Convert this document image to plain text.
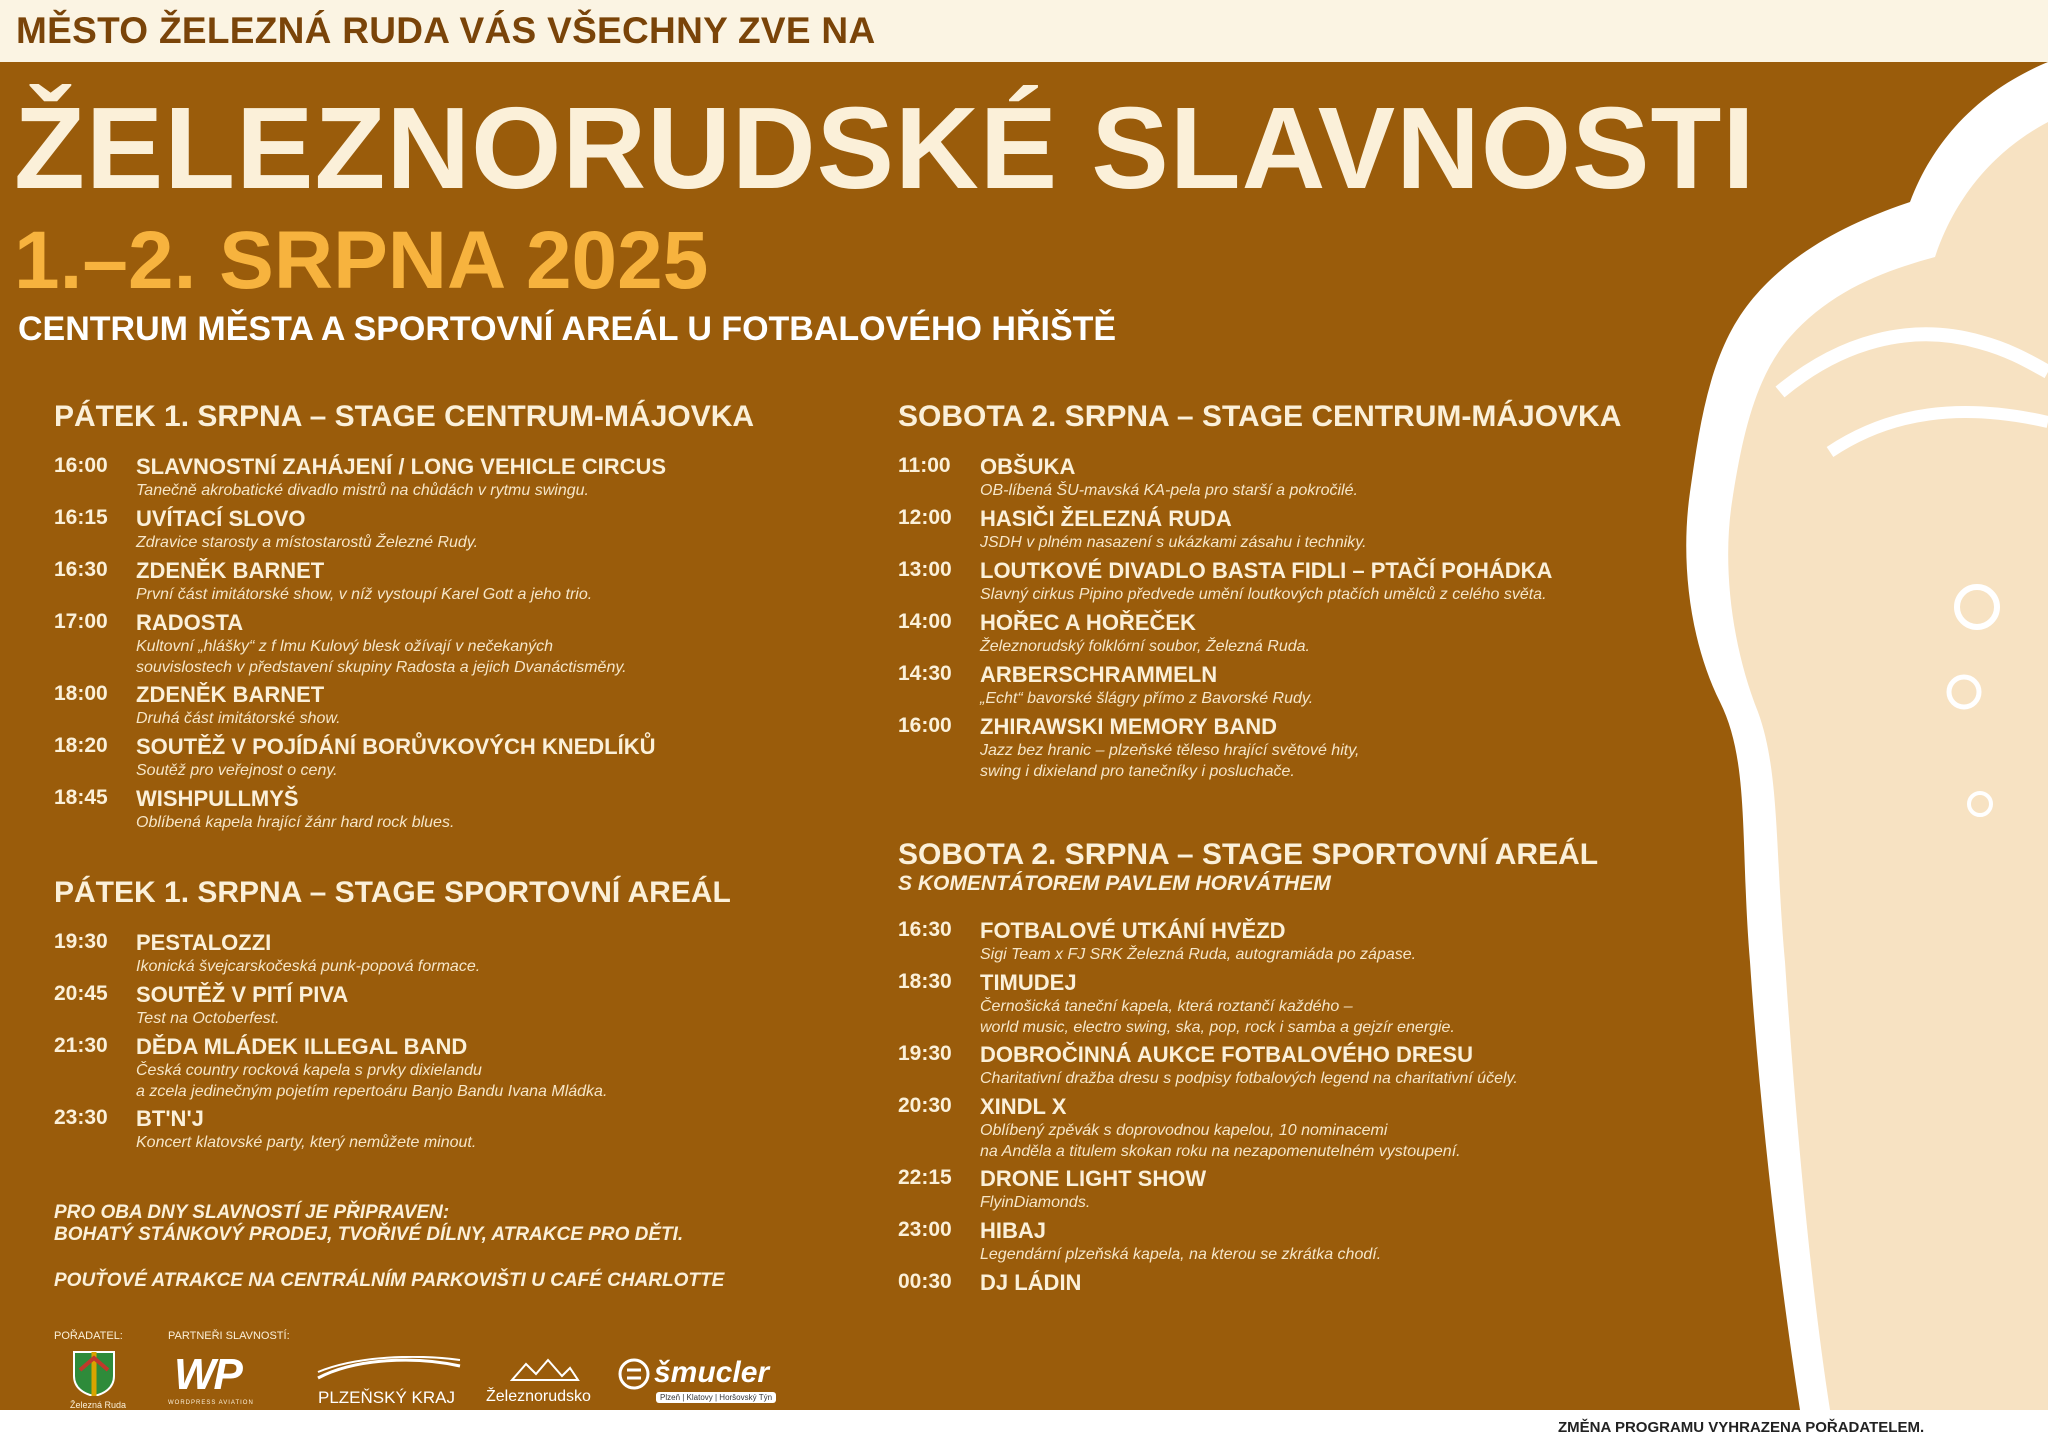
MĚSTO ŽELEZNÁ RUDA VÁS VŠECHNY ZVE NA
ŽELEZNORUDSKÉ SLAVNOSTI
1.–2. SRPNA 2025
CENTRUM MĚSTA A SPORTOVNÍ AREÁL U FOTBALOVÉHO HŘIŠTĚ
PÁTEK 1. SRPNA – STAGE CENTRUM-MÁJOVKA
16:00 SLAVNOSTNÍ ZAHÁJENÍ / LONG VEHICLE CIRCUS
Tanečně akrobatické divadlo mistrů na chůdách v rytmu swingu.
16:15 UVÍTACÍ SLOVO
Zdravice starosty a místostarostů Železné Rudy.
16:30 ZDENĚK BARNET
První část imitátorské show, v níž vystoupí Karel Gott a jeho trio.
17:00 RADOSTA
Kultovní „hlášky“ z f lmu Kulový blesk ožívají v nečekaných
souvislostech v představení skupiny Radosta a jejich Dvanáctisměny.
18:00 ZDENĚK BARNET
Druhá část imitátorské show.
18:20 SOUTĚŽ V POJÍDÁNÍ BORŮVKOVÝCH KNEDLÍKŮ
Soutěž pro veřejnost o ceny.
18:45 WISHPULLMYŠ
Oblíbená kapela hrající žánr hard rock blues.
PÁTEK 1. SRPNA – STAGE SPORTOVNÍ AREÁL
19:30 PESTALOZZI
Ikonická švejcarskočeská punk-popová formace.
20:45 SOUTĚŽ V PITÍ PIVA
Test na Octoberfest.
21:30 DĚDA MLÁDEK ILLEGAL BAND
Česká country rocková kapela s prvky dixielandu
a zcela jedinečným pojetím repertoáru Banjo Bandu Ivana Mládka.
23:30 BT'N'J
Koncert klatovské party, který nemůžete minout.
SOBOTA 2. SRPNA – STAGE CENTRUM-MÁJOVKA
11:00 OBŠUKA
OB-líbená ŠU-mavská KA-pela pro starší a pokročilé.
12:00 HASIČI ŽELEZNÁ RUDA
JSDH v plném nasazení s ukázkami zásahu i techniky.
13:00 LOUTKOVÉ DIVADLO BASTA FIDLI – PTAČÍ POHÁDKA
Slavný cirkus Pipino předvede umění loutkových ptačích umělců z celého světa.
14:00 HOŘEC A HOŘEČEK
Železnorudský folklórní soubor, Železná Ruda.
14:30 ARBERSCHRAMMELN
„Echt“ bavorské šlágry přímo z Bavorské Rudy.
16:00 ZHIRAWSKI MEMORY BAND
Jazz bez hranic – plzeňské těleso hrající světové hity,
swing i dixieland pro tanečníky i posluchače.
SOBOTA 2. SRPNA – STAGE SPORTOVNÍ AREÁL
S KOMENTÁTOREM PAVLEM HORVÁTHEM
16:30 FOTBALOVÉ UTKÁNÍ HVĚZD
Sigi Team x FJ SRK Železná Ruda, autogramiáda po zápase.
18:30 TIMUDEJ
Černošická taneční kapela, která roztančí každého –
world music, electro swing, ska, pop, rock i samba a gejzír energie.
19:30 DOBROČINNÁ AUKCE FOTBALOVÉHO DRESU
Charitativní dražba dresu s podpisy fotbalových legend na charitativní účely.
20:30 XINDL X
Oblíbený zpěvák s doprovodnou kapelou, 10 nominacemi
na Anděla a titulem skokan roku na nezapomenutelném vystoupení.
22:15 DRONE LIGHT SHOW
FlyinDiamonds.
23:00 HIBAJ
Legendární plzeňská kapela, na kterou se zkrátka chodí.
00:30 DJ LÁDIN
PRO OBA DNY SLAVNOSTÍ JE PŘIPRAVEN:
BOHATÝ STÁNKOVÝ PRODEJ, TVOŘIVÉ DÍLNY, ATRAKCE PRO DĚTI.
POUŤOVÉ ATRAKCE NA CENTRÁLNÍM PARKOVIŠTI U CAFÉ CHARLOTTE
POŘADATEL:	PARTNEŘI SLAVNOSTÍ:
Železná Ruda
WP
WORDPRESS AVIATION	PLZEŇSKÝ KRAJ Železnorudsko
šmucler
Plzeň | Klatovy | Horšovský Týn
ZMĚNA PROGRAMU VYHRAZENA POŘADATELEM.
